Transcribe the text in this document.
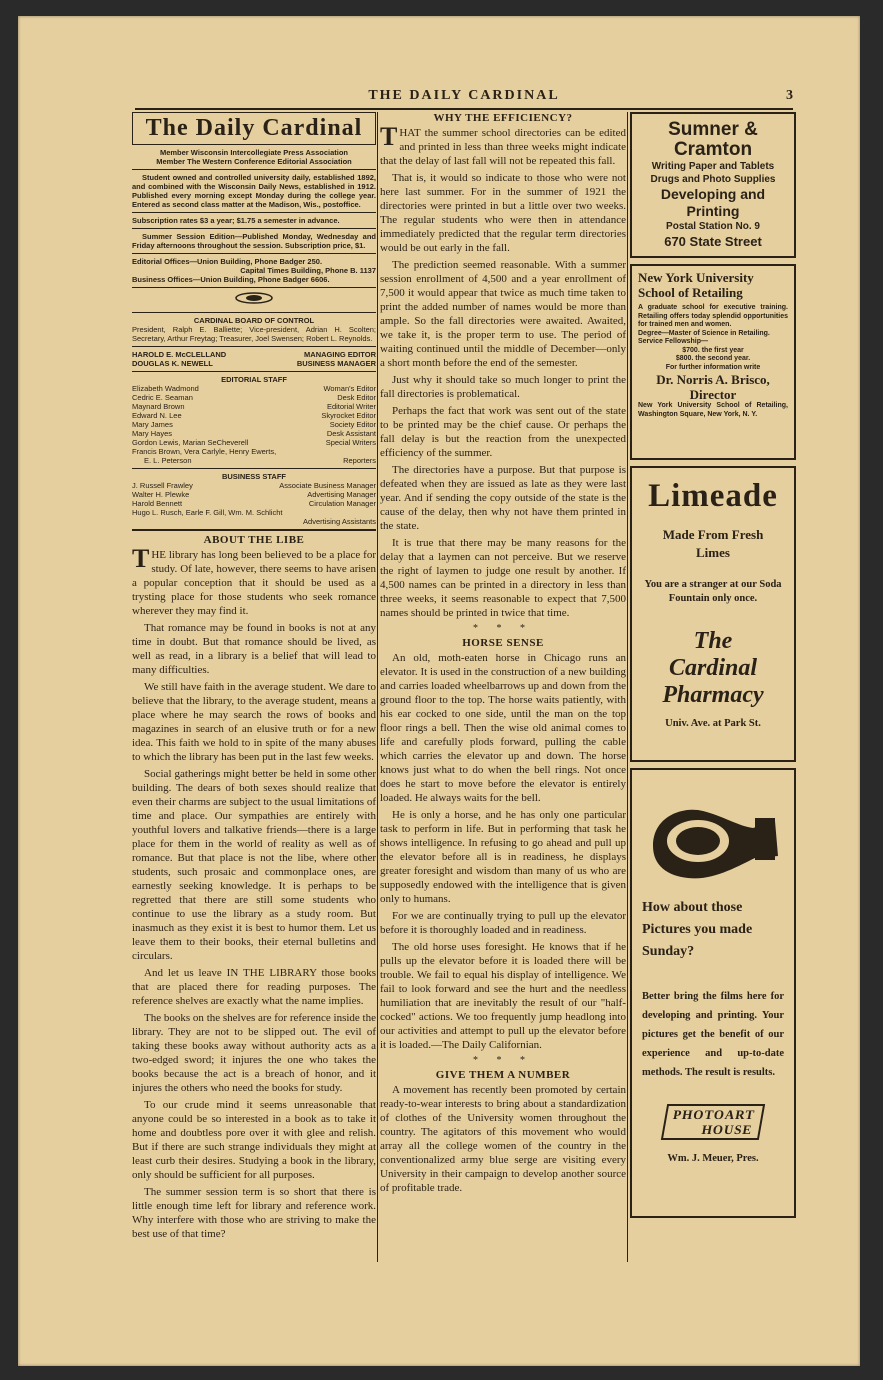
THE DAILY CARDINAL	3
The Daily Cardinal

Member Wisconsin Intercollegiate Press Association

Member The Western Conference Editorial Association

Student owned and controlled university daily, established 1892, and combined with the Wisconsin Daily News, established in 1912. Published every morning except Monday during the college year. Entered as second class matter at the Madison, Wis., postoffice.

Subscription rates $3 a year; $1.75 a semester in advance.

Summer Session Edition—Published Monday, Wednesday and Friday afternoons throughout the session. Subscription price, $1.

Editorial Offices—Union Building, Phone Badger 250.

Capital Times Building, Phone B. 1137

Business Offices—Union Building, Phone Badger 6606.

CARDINAL BOARD OF CONTROL

President, Ralph E. Balliette; Vice-president, Adrian H. Scolten; Secretary, Arthur Freytag; Treasurer, Joel Swensen; Robert L. Reynolds.

HAROLD E. McCLELLAND	MANAGING EDITOR
DOUGLAS K. NEWELL	BUSINESS MANAGER

EDITORIAL STAFF

Elizabeth Wadmond	Woman's Editor
Cedric E. Seaman	Desk Editor
Maynard Brown	Editorial Writer
Edward N. Lee	Skyrocket Editor
Mary James	Society Editor
Mary Hayes	Desk Assistant
Gordon Lewis, Marian SeCheverell	Special Writers

Francis Brown, Vera Carlyle, Henry Ewerts,

E. L. Peterson	Reporters

BUSINESS STAFF

J. Russell Frawley	Associate Business Manager
Walter H. Plewke	Advertising Manager
Harold Bennett	Circulation Manager

Hugo L. Rusch, Earle F. Gill, Wm. M. Schlicht

Advertising Assistants
ABOUT THE LIBE

THE library has long been believed to be a place for study. Of late, however, there seems to have arisen a popular conception that it should be used as a trysting place for those students who seek romance wherever they may find it.

That romance may be found in books is not at any time in doubt. But that romance should be lived, as well as read, in a library is a belief that will lead to many difficulties.

We still have faith in the average student. We dare to believe that the library, to the average student, means a place where he may search the rows of books and magazines in search of an elusive truth or for a new idea. This faith we hold to in spite of the many abuses to which the library has been put in the last few weeks.

Social gatherings might better be held in some other building. The dears of both sexes should realize that even their charms are subject to the usual limitations of time and place. Our sympathies are entirely with youthful lovers and talkative friends—there is a large place for them in the world of reality as well as of romance. But that place is not the libe, where other students, such prosaic and commonplace ones, are earnestly seeking knowledge. It is perhaps to be regretted that there are still some students who continue to use the library as a study room. But inasmuch as they exist it is best to humor them. Let us leave them to their books, their eternal bulletins and circulars.

And let us leave IN THE LIBRARY those books that are placed there for reading purposes. The reference shelves are exactly what the name implies.

The books on the shelves are for reference inside the library. They are not to be slipped out. The evil of taking these books away without authority acts as a two-edged sword; it injures the one who takes the books because the act is a breach of honor, and it injures the others who need the books for study.

To our crude mind it seems unreasonable that anyone could be so interested in a book as to take it home and doubtless pore over it with glee and relish. But if there are such strange individuals they might at least curb their desires. Studying a book in the library, only should be sufficient for all purposes.

The summer session term is so short that there is little enough time left for library and reference work. Why interfere with those who are striving to make the best use of that time?

WHY THE EFFICIENCY?

THAT the summer school directories can be edited and printed in less than three weeks might indicate that the delay of last fall will not be repeated this fall.

That is, it would so indicate to those who were not here last summer. For in the summer of 1921 the directories were printed in but a little over two weeks. The regular students who were then in attendance immediately predicted that the regular term directories would be out early in the fall.

The prediction seemed reasonable. With a summer session enrollment of 4,500 and a year enrollment of 7,500 it would appear that twice as much time taken to print the added number of names would be more than ample. So the fall directories were awaited. Awaited, we take it, is the proper term to use. The period of waiting continued until the middle of December—only a short month before the end of the semester.

Just why it should take so much longer to print the fall directories is problematical.

Perhaps the fact that work was sent out of the state to be printed may be the chief cause. Or perhaps the fall delay is but the reaction from the unexpected efficiency of the summer.

The directories have a purpose. But that purpose is defeated when they are issued as late as they were last year. And if sending the copy outside of the state is the cause of the delay, then why not have them printed in the state.

It is true that there may be many reasons for the delay that a laymen can not perceive. But we reserve the right of laymen to judge one result by another. If 4,500 names can be printed in a directory in less than three weeks, it seems reasonable to expect that 7,500 names should be printed in twice that time.

* * *

HORSE SENSE

An old, moth-eaten horse in Chicago runs an elevator. It is used in the construction of a new building and carries loaded wheelbarrows up and down from the ground floor to the top. The horse waits patiently, with his ear cocked to one side, until the man on the top floor rings a bell. Then the wise old animal comes to life and carefully plods forward, pulling the cable which carries the elevator up and down. The horse knows just what to do when the bell rings. Not once does he start to move before the elevator is entirely loaded. He always waits for the bell.

He is only a horse, and he has only one particular task to perform in life. But in performing that task he shows intelligence. In refusing to go ahead and pull up the elevator before all is in readiness, he displays greater foresight and wisdom than many of us who are supposedly endowed with the intelligence that is given only to humans.

For we are continually trying to pull up the elevator before it is thoroughly loaded and in readiness.

The old horse uses foresight. He knows that if he pulls up the elevator before it is loaded there will be trouble. We fail to equal his display of intelligence. We fail to look forward and see the hurt and the needless humiliation that are inevitably the result of our "half-cocked" actions. We too frequently jump headlong into our activities and attempt to pull up the elevator before it is loaded.—The Daily Californian.

* * *

GIVE THEM A NUMBER

A movement has recently been promoted by certain ready-to-wear interests to bring about a standardization of clothes of the University women throughout the country. The agitators of this movement who would array all the college women of the country in the conventionalized army blue serge are visiting every University in their campaign to develop another source of profitable trade.

Sumner &
Cramton
Writing Paper and Tablets
Drugs and Photo Supplies
Developing and
Printing
Postal Station No. 9
670 State Street
New York University
School of Retailing

A graduate school for executive training. Retailing offers today splendid opportunities for trained men and women.

Degree—Master of Science in Retailing.

Service Fellowship—

$700. the first year

$800. the second year.

For further information write

Dr. Norris A. Brisco,
Director

New York University School of Retailing, Washington Square, New York, N. Y.

Limeade
Made From Fresh
Limes
You are a stranger at our Soda Fountain only once.
The
Cardinal
Pharmacy
Univ. Ave. at Park St.
How about those
Pictures you made
Sunday?
Better bring the films here for developing and printing. Your pictures get the benefit of our experience and up-to-date methods. The result is results.
PHOTOART
HOUSE
Wm. J. Meuer, Pres.
